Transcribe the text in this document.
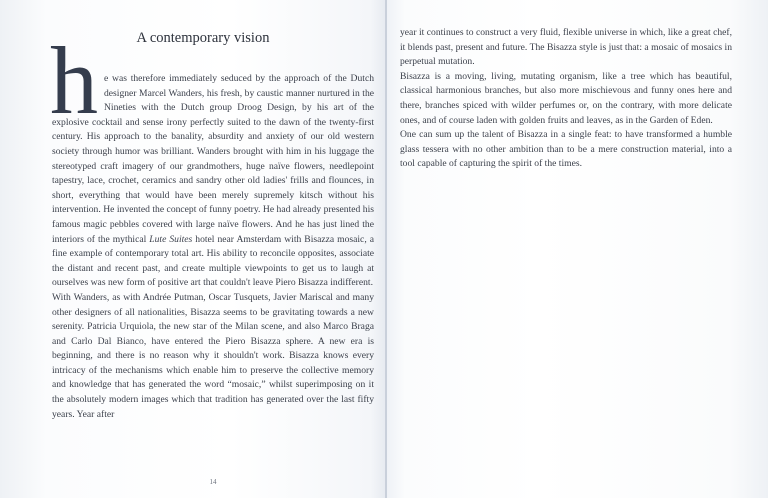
A contemporary vision

he was therefore immediately seduced by the approach of the Dutch designer Marcel Wanders, his fresh, by caustic manner nurtured in the Nineties with the Dutch group Droog Design, by his art of the explosive cocktail and sense irony perfectly suited to the dawn of the twenty-first century. His approach to the banality, absurdity and anxiety of our old western society through humor was brilliant. Wanders brought with him in his luggage the stereotyped craft imagery of our grandmothers, huge naïve flowers, needlepoint tapestry, lace, crochet, ceramics and sandry other old ladies' frills and flounces, in short, everything that would have been merely supremely kitsch without his intervention. He invented the concept of funny poetry. He had already presented his famous magic pebbles covered with large naïve flowers. And he has just lined the interiors of the mythical Lute Suites hotel near Amsterdam with Bisazza mosaic, a fine example of contemporary total art. His ability to reconcile opposites, associate the distant and recent past, and create multiple viewpoints to get us to laugh at ourselves was new form of positive art that couldn't leave Piero Bisazza indifferent.

With Wanders, as with Andrée Putman, Oscar Tusquets, Javier Mariscal and many other designers of all nationalities, Bisazza seems to be gravitating towards a new serenity. Patricia Urquiola, the new star of the Milan scene, and also Marco Braga and Carlo Dal Bianco, have entered the Piero Bisazza sphere. A new era is beginning, and there is no reason why it shouldn't work. Bisazza knows every intricacy of the mechanisms which enable him to preserve the collective memory and knowledge that has generated the word “mosaic,” whilst superimposing on it the absolutely modern images which that tradition has generated over the last fifty years. Year after

14

year it continues to construct a very fluid, flexible universe in which, like a great chef, it blends past, present and future. The Bisazza style is just that: a mosaic of mosaics in perpetual mutation.

Bisazza is a moving, living, mutating organism, like a tree which has beautiful, classical harmonious branches, but also more mischievous and funny ones here and there, branches spiced with wilder perfumes or, on the contrary, with more delicate ones, and of course laden with golden fruits and leaves, as in the Garden of Eden.

One can sum up the talent of Bisazza in a single feat: to have transformed a humble glass tessera with no other ambition than to be a mere construction material, into a tool capable of capturing the spirit of the times.
